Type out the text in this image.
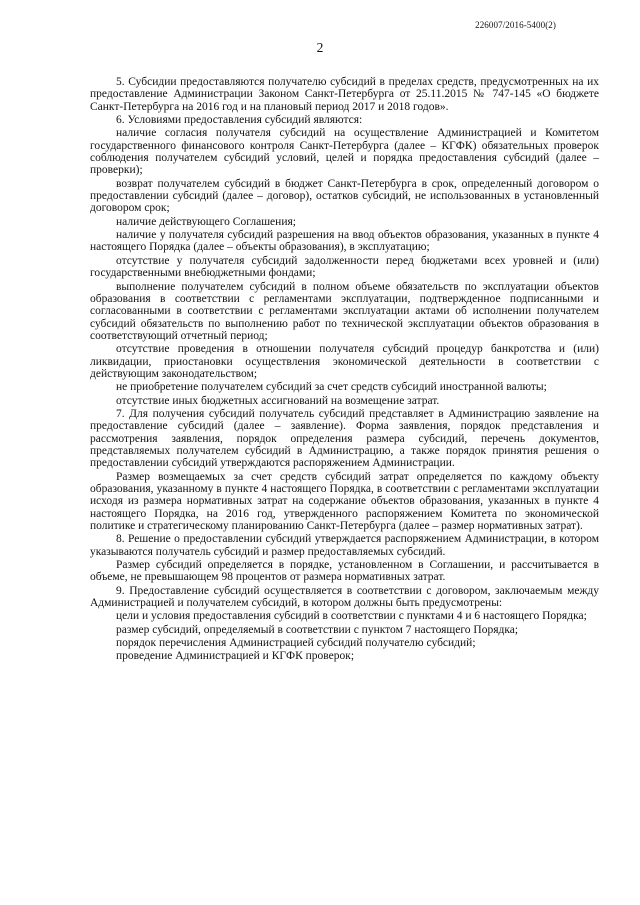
226007/2016-5400(2)
2

5. Субсидии предоставляются получателю субсидий в пределах средств, предусмотренных на их предоставление Администрации Законом Санкт-Петербурга от 25.11.2015 № 747-145 «О бюджете Санкт-Петербурга на 2016 год и на плановый период 2017 и 2018 годов».

6. Условиями предоставления субсидий являются:

наличие согласия получателя субсидий на осуществление Администрацией и Комитетом государственного финансового контроля Санкт-Петербурга (далее – КГФК) обязательных проверок соблюдения получателем субсидий условий, целей и порядка предоставления субсидий (далее – проверки);

возврат получателем субсидий в бюджет Санкт-Петербурга в срок, определенный договором о предоставлении субсидий (далее – договор), остатков субсидий, не использованных в установленный договором срок;

наличие действующего Соглашения;

наличие у получателя субсидий разрешения на ввод объектов образования, указанных в пункте 4 настоящего Порядка (далее – объекты образования), в эксплуатацию;

отсутствие у получателя субсидий задолженности перед бюджетами всех уровней и (или) государственными внебюджетными фондами;

выполнение получателем субсидий в полном объеме обязательств по эксплуатации объектов образования в соответствии с регламентами эксплуатации, подтвержденное подписанными и согласованными в соответствии с регламентами эксплуатации актами об исполнении получателем субсидий обязательств по выполнению работ по технической эксплуатации объектов образования в соответствующий отчетный период;

отсутствие проведения в отношении получателя субсидий процедур банкротства и (или) ликвидации, приостановки осуществления экономической деятельности в соответствии с действующим законодательством;

не приобретение получателем субсидий за счет средств субсидий иностранной валюты;

отсутствие иных бюджетных ассигнований на возмещение затрат.

7. Для получения субсидий получатель субсидий представляет в Администрацию заявление на предоставление субсидий (далее – заявление). Форма заявления, порядок представления и рассмотрения заявления, порядок определения размера субсидий, перечень документов, представляемых получателем субсидий в Администрацию, а также порядок принятия решения о предоставлении субсидий утверждаются распоряжением Администрации.

Размер возмещаемых за счет средств субсидий затрат определяется по каждому объекту образования, указанному в пункте 4 настоящего Порядка, в соответствии с регламентами эксплуатации исходя из размера нормативных затрат на содержание объектов образования, указанных в пункте 4 настоящего Порядка, на 2016 год, утвержденного распоряжением Комитета по экономической политике и стратегическому планированию Санкт-Петербурга (далее – размер нормативных затрат).

8. Решение о предоставлении субсидий утверждается распоряжением Администрации, в котором указываются получатель субсидий и размер предоставляемых субсидий.

Размер субсидий определяется в порядке, установленном в Соглашении, и рассчитывается в объеме, не превышающем 98 процентов от размера нормативных затрат.

9. Предоставление субсидий осуществляется в соответствии с договором, заключаемым между Администрацией и получателем субсидий, в котором должны быть предусмотрены:

цели и условия предоставления субсидий в соответствии с пунктами 4 и 6 настоящего Порядка;

размер субсидий, определяемый в соответствии с пунктом 7 настоящего Порядка;

порядок перечисления Администрацией субсидий получателю субсидий;

проведение Администрацией и КГФК проверок;
